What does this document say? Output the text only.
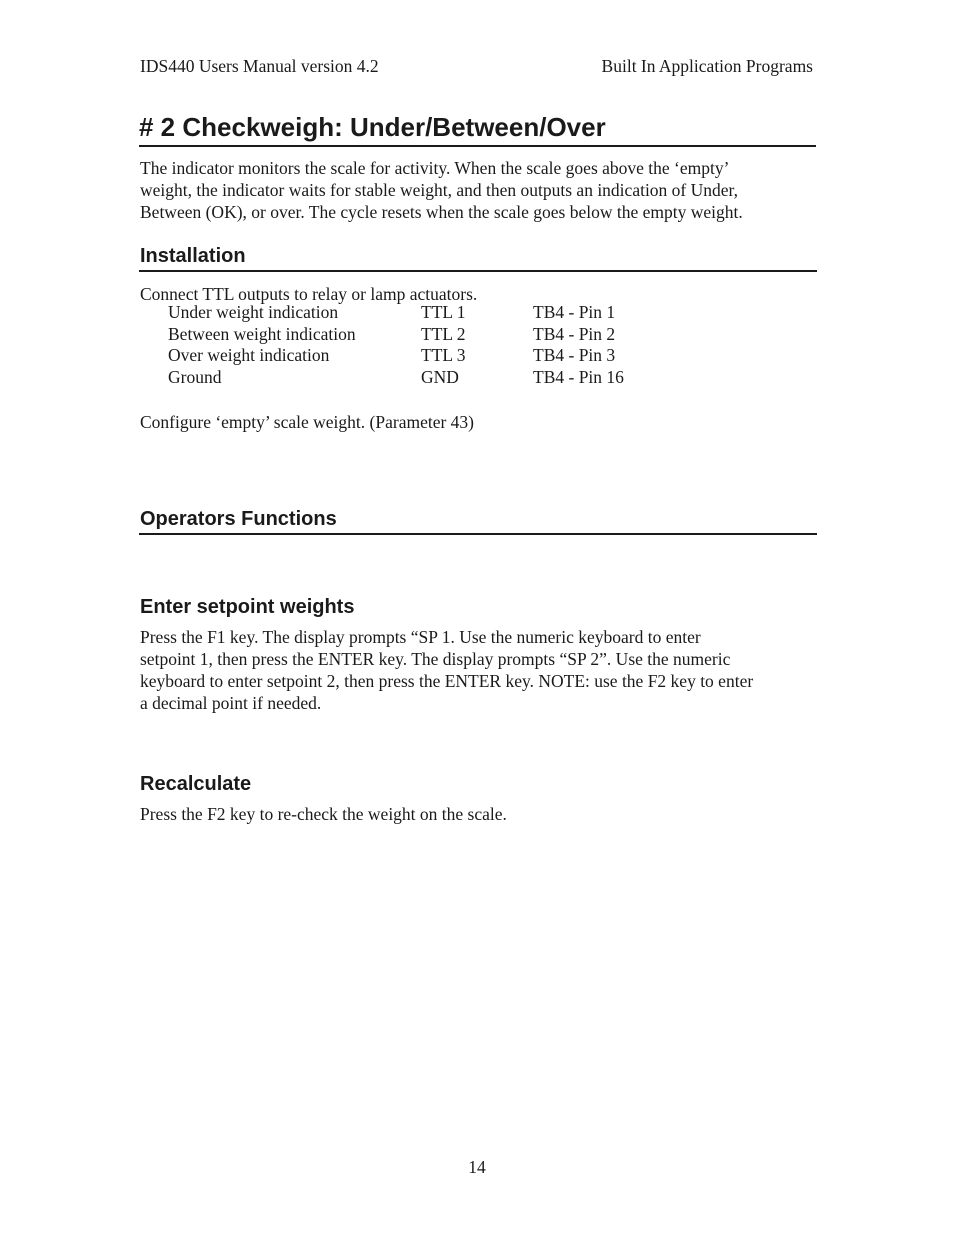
IDS440 Users Manual version 4.2	Built In Application Programs
# 2 Checkweigh: Under/Between/Over
The indicator monitors the scale for activity. When the scale goes above the ‘empty’
weight, the indicator waits for stable weight, and then outputs an indication of Under,
Between (OK), or over. The cycle resets when the scale goes below the empty weight.
Installation
Connect TTL outputs to relay or lamp actuators.
Under weight indication	TTL 1	TB4 - Pin 1
Between weight indication	TTL 2	TB4 - Pin 2
Over weight indication	TTL 3	TB4 - Pin 3
Ground	GND	TB4 - Pin 16
Configure ‘empty’ scale weight. (Parameter 43)
Operators Functions
Enter setpoint weights
Press the F1 key. The display prompts “SP 1. Use the numeric keyboard to enter
setpoint 1, then press the ENTER key. The display prompts “SP 2”. Use the numeric
keyboard to enter setpoint 2, then press the ENTER key. NOTE: use the F2 key to enter
a decimal point if needed.
Recalculate
Press the F2 key to re-check the weight on the scale.
14
